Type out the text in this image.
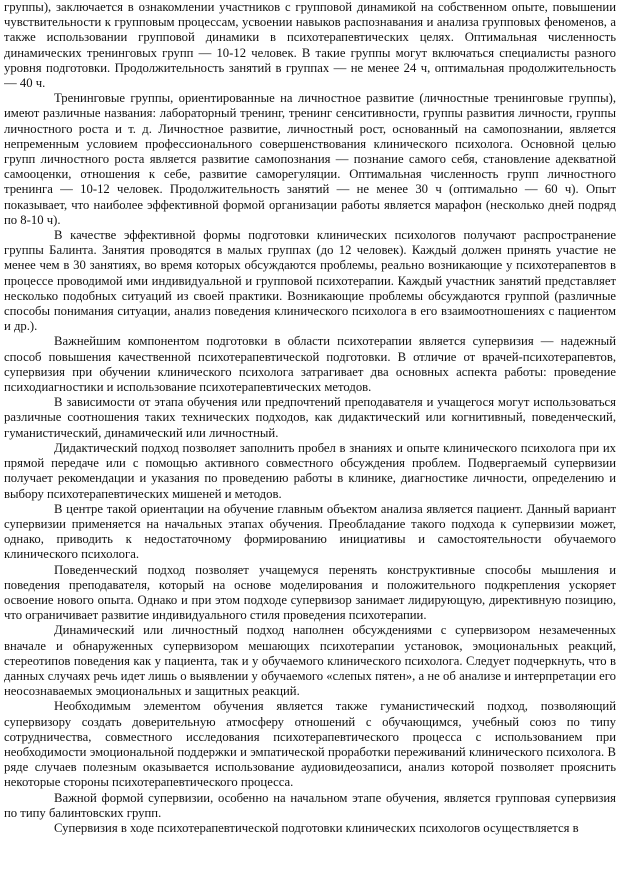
группы), заключается в ознакомлении участников с групповой динамикой на собственном опыте, повышении чувствительности к групповым процессам, усвоении навыков распознавания и анализа групповых феноменов, а также использовании групповой динамики в психотерапевтических целях. Оптимальная численность динамических тренинговых групп — 10-12 человек. В такие группы могут включаться специалисты разного уровня подготовки. Продолжительность занятий в группах — не менее 24 ч, оптимальная продолжительность — 40 ч.

Тренинговые группы, ориентированные на личностное развитие (личностные тренинговые группы), имеют различные названия: лабораторный тренинг, тренинг сенситивности, группы развития личности, группы личностного роста и т. д. Личностное развитие, личностный рост, основанный на самопознании, является непременным условием профессионального совершенствования клинического психолога. Основной целью групп личностного роста является развитие самопознания — познание самого себя, становление адекватной самооценки, отношения к себе, развитие саморегуляции. Оптимальная численность групп личностного тренинга — 10-12 человек. Продолжительность занятий — не менее 30 ч (оптимально — 60 ч). Опыт показывает, что наиболее эффективной формой организации работы является марафон (несколько дней подряд по 8-10 ч).

В качестве эффективной формы подготовки клинических психологов получают распространение группы Балинта. Занятия проводятся в малых группах (до 12 человек). Каждый должен принять участие не менее чем в 30 занятиях, во время которых обсуждаются проблемы, реально возникающие у психотерапевтов в процессе проводимой ими индивидуальной и групповой психотерапии. Каждый участник занятий представляет несколько подобных ситуаций из своей практики. Возникающие проблемы обсуждаются группой (различные способы понимания ситуации, анализ поведения клинического психолога в его взаимоотношениях с пациентом и др.).

Важнейшим компонентом подготовки в области психотерапии является супервизия — надежный способ повышения качественной психотерапевтической подготовки. В отличие от врачей-психотерапевтов, супервизия при обучении клинического психолога затрагивает два основных аспекта работы: проведение психодиагностики и использование психотерапевтических методов.

В зависимости от этапа обучения или предпочтений преподавателя и учащегося могут использоваться различные соотношения таких технических подходов, как дидактический или когнитивный, поведенческий, гуманистический, динамический или личностный.

Дидактический подход позволяет заполнить пробел в знаниях и опыте клинического психолога при их прямой передаче или с помощью активного совместного обсуждения проблем. Подвергаемый супервизии получает рекомендации и указания по проведению работы в клинике, диагностике личности, определению и выбору психотерапевтических мишеней и методов.

В центре такой ориентации на обучение главным объектом анализа является пациент. Данный вариант супервизии применяется на начальных этапах обучения. Преобладание такого подхода к супервизии может, однако, приводить к недостаточному формированию инициативы и самостоятельности обучаемого клинического психолога.

Поведенческий подход позволяет учащемуся перенять конструктивные способы мышления и поведения преподавателя, который на основе моделирования и положительного подкрепления ускоряет освоение нового опыта. Однако и при этом подходе супервизор занимает лидирующую, директивную позицию, что ограничивает развитие индивидуального стиля проведения психотерапии.

Динамический или личностный подход наполнен обсуждениями с супервизором незамеченных вначале и обнаруженных супервизором мешающих психотерапии установок, эмоциональных реакций, стереотипов поведения как у пациента, так и у обучаемого клинического психолога. Следует подчеркнуть, что в данных случаях речь идет лишь о выявлении у обучаемого «слепых пятен», а не об анализе и интерпретации его неосознаваемых эмоциональных и защитных реакций.

Необходимым элементом обучения является также гуманистический подход, позволяющий супервизору создать доверительную атмосферу отношений с обучающимся, учебный союз по типу сотрудничества, совместного исследования психотерапевтического процесса с использованием при необходимости эмоциональной поддержки и эмпатической проработки переживаний клинического психолога. В ряде случаев полезным оказывается использование аудиовидеозаписи, анализ которой позволяет прояснить некоторые стороны психотерапевтического процесса.

Важной формой супервизии, особенно на начальном этапе обучения, является групповая супервизия по типу балинтовских групп.

Супервизия в ходе психотерапевтической подготовки клинических психологов осуществляется в
